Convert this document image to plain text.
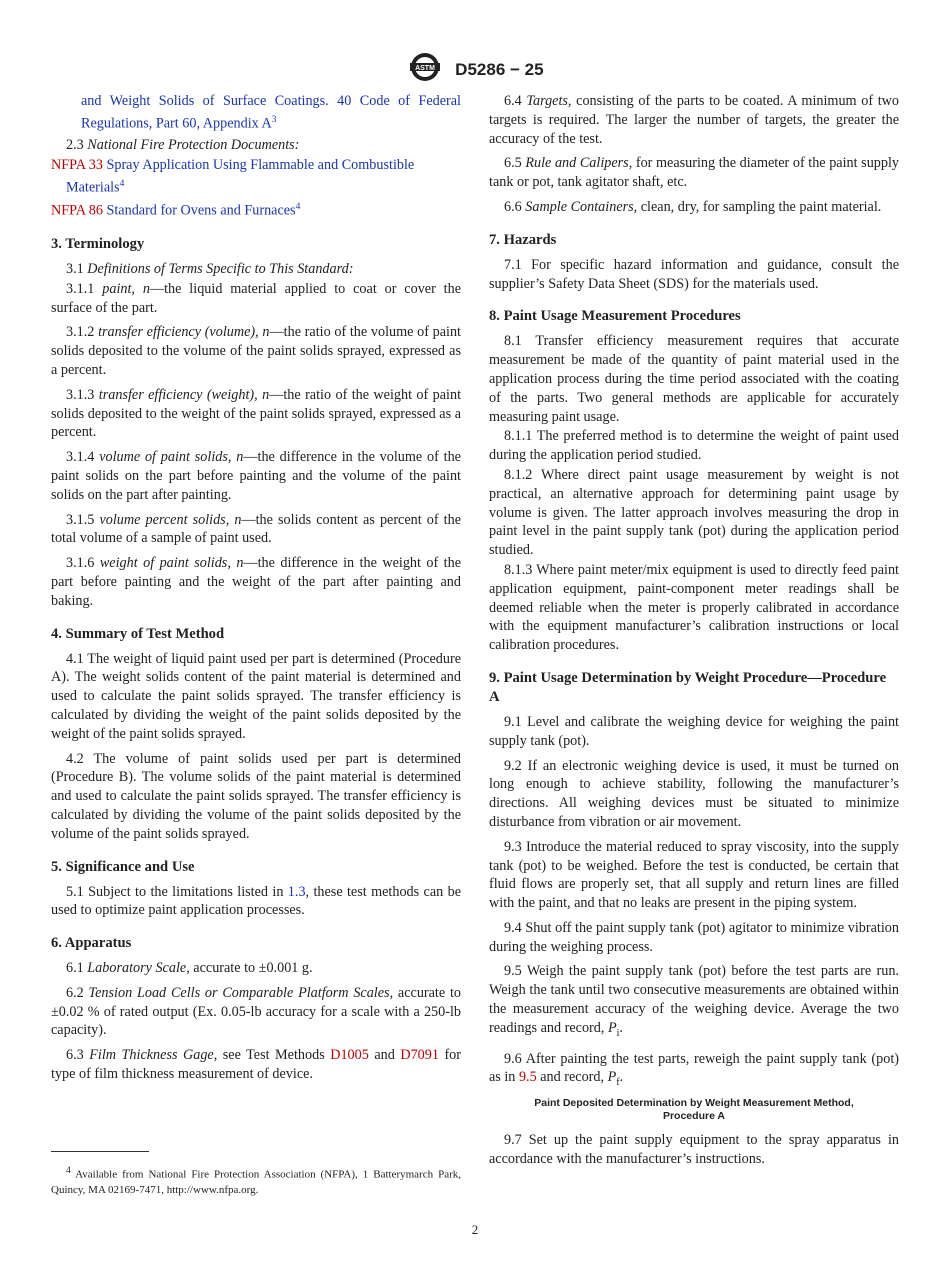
ASTM D5286 − 25

and Weight Solids of Surface Coatings. 40 Code of Federal Regulations, Part 60, Appendix $A^3$

2.3 National Fire Protection Documents:

NFPA 33 Spray Application Using Flammable and Combustible Materials$^4$

NFPA 86 Standard for Ovens and Furnaces$^4$

3. Terminology

3.1 Definitions of Terms Specific to This Standard:

3.1.1 paint, n—the liquid material applied to coat or cover the surface of the part.

3.1.2 transfer efficiency (volume), n—the ratio of the volume of paint solids deposited to the volume of the paint solids sprayed, expressed as a percent.

3.1.3 transfer efficiency (weight), n—the ratio of the weight of paint solids deposited to the weight of the paint solids sprayed, expressed as a percent.

3.1.4 volume of paint solids, n—the difference in the volume of the paint solids on the part before painting and the volume of the paint solids on the part after painting.

3.1.5 volume percent solids, n—the solids content as percent of the total volume of a sample of paint used.

3.1.6 weight of paint solids, n—the difference in the weight of the part before painting and the weight of the part after painting and baking.

4. Summary of Test Method

4.1 The weight of liquid paint used per part is determined (Procedure A). The weight solids content of the paint material is determined and used to calculate the paint solids sprayed. The transfer efficiency is calculated by dividing the weight of the paint solids deposited by the weight of the paint solids sprayed.

4.2 The volume of paint solids used per part is determined (Procedure B). The volume solids of the paint material is determined and used to calculate the paint solids sprayed. The transfer efficiency is calculated by dividing the volume of the paint solids deposited by the volume of the paint solids sprayed.

5. Significance and Use

5.1 Subject to the limitations listed in 1.3, these test methods can be used to optimize paint application processes.

6. Apparatus

6.1 Laboratory Scale, accurate to ±0.001 g.

6.2 Tension Load Cells or Comparable Platform Scales, accurate to ±0.02 % of rated output (Ex. 0.05-lb accuracy for a scale with a 250-lb capacity).

6.3 Film Thickness Gage, see Test Methods D1005 and D7091 for type of film thickness measurement of device.

6.4 Targets, consisting of the parts to be coated. A minimum of two targets is required. The larger the number of targets, the greater the accuracy of the test.

6.5 Rule and Calipers, for measuring the diameter of the paint supply tank or pot, tank agitator shaft, etc.

6.6 Sample Containers, clean, dry, for sampling the paint material.

7. Hazards

7.1 For specific hazard information and guidance, consult the supplier’s Safety Data Sheet (SDS) for the materials used.

8. Paint Usage Measurement Procedures

8.1 Transfer efficiency measurement requires that accurate measurement be made of the quantity of paint material used in the application process during the time period associated with the coating of the parts. Two general methods are applicable for accurately measuring paint usage.

8.1.1 The preferred method is to determine the weight of paint used during the application period studied.

8.1.2 Where direct paint usage measurement by weight is not practical, an alternative approach for determining paint usage by volume is given. The latter approach involves measuring the drop in paint level in the paint supply tank (pot) during the application period studied.

8.1.3 Where paint meter/mix equipment is used to directly feed paint application equipment, paint-component meter readings shall be deemed reliable when the meter is properly calibrated in accordance with the equipment manufacturer’s calibration instructions or local calibration procedures.

9. Paint Usage Determination by Weight Procedure—Procedure A

9.1 Level and calibrate the weighing device for weighing the paint supply tank (pot).

9.2 If an electronic weighing device is used, it must be turned on long enough to achieve stability, following the manufacturer’s directions. All weighing devices must be situated to minimize disturbance from vibration or air movement.

9.3 Introduce the material reduced to spray viscosity, into the supply tank (pot) to be weighed. Before the test is conducted, be certain that fluid flows are properly set, that all supply and return lines are filled with the paint, and that no leaks are present in the piping system.

9.4 Shut off the paint supply tank (pot) agitator to minimize vibration during the weighing process.

9.5 Weigh the paint supply tank (pot) before the test parts are run. Weigh the tank until two consecutive measurements are obtained within the measurement accuracy of the weighing device. Average the two readings and record, $P_i$.

9.6 After painting the test parts, reweigh the paint supply tank (pot) as in 9.5 and record, $P_f$.

Paint Deposited Determination by Weight Measurement Method,
Procedure A

9.7 Set up the paint supply equipment to the spray apparatus in accordance with the manufacturer’s instructions.

4 Available from National Fire Protection Association (NFPA), 1 Batterymarch Park, Quincy, MA 02169-7471, http://www.nfpa.org.
2
